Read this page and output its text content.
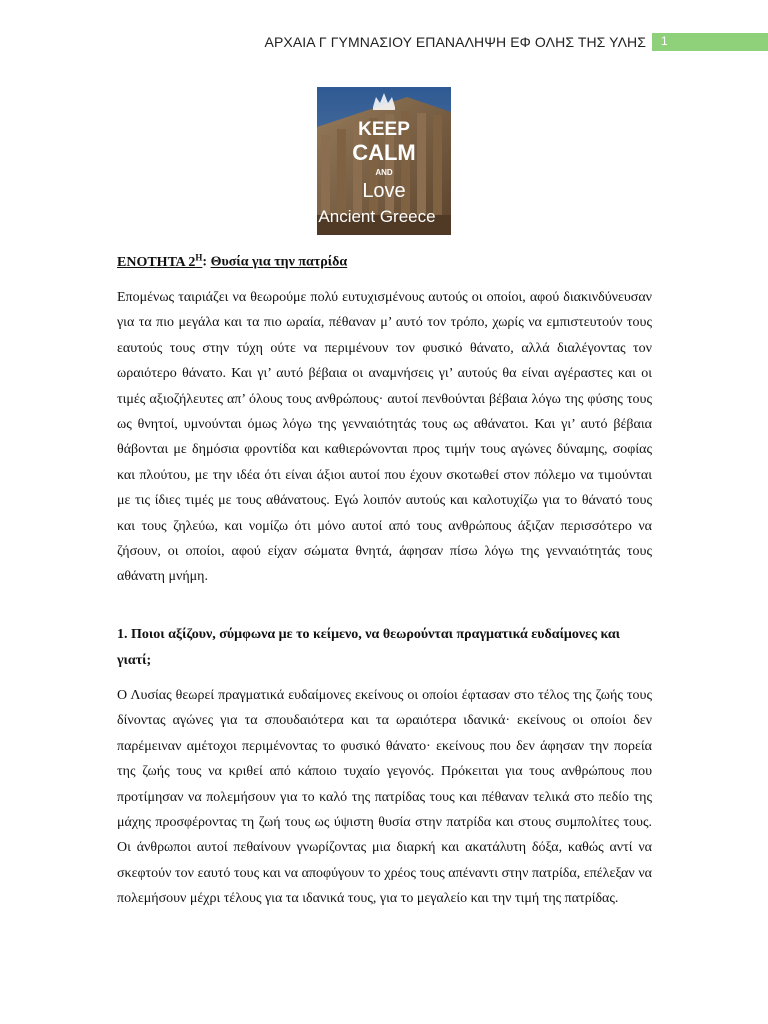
ΑΡΧΑΙΑ Γ ΓΥΜΝΑΣΙΟΥ ΕΠΑΝΑΛΗΨΗ ΕΦ ΟΛΗΣ ΤΗΣ ΥΛΗΣ 1
KEEP
CALM
AND
Love
Ancient Greece
ΕΝΟΤΗΤΑ $2^H$: Θυσία για την πατρίδα

Επομένως ταιριάζει να θεωρούμε πολύ ευτυχισμένους αυτούς οι οποίοι, αφού διακινδύνευσαν για τα πιο μεγάλα και τα πιο ωραία, πέθαναν μ’ αυτό τον τρόπο, χωρίς να εμπιστευτούν τους εαυτούς τους στην τύχη ούτε να περιμένουν τον φυσικό θάνατο, αλλά διαλέγοντας τον ωραιότερο θάνατο. Και γι’ αυτό βέβαια οι αναμνήσεις γι’ αυτούς θα είναι αγέραστες και οι τιμές αξιοζήλευτες απ’ όλους τους ανθρώπους· αυτοί πενθούνται βέβαια λόγω της φύσης τους ως θνητοί, υμνούνται όμως λόγω της γενναιότητάς τους ως αθάνατοι. Και γι’ αυτό βέβαια θάβονται με δημόσια φροντίδα και καθιερώνονται προς τιμήν τους αγώνες δύναμης, σοφίας και πλούτου, με την ιδέα ότι είναι άξιοι αυτοί που έχουν σκοτωθεί στον πόλεμο να τιμούνται με τις ίδιες τιμές με τους αθάνατους. Εγώ λοιπόν αυτούς και καλοτυχίζω για το θάνατό τους και τους ζηλεύω, και νομίζω ότι μόνο αυτοί από τους ανθρώπους άξιζαν περισσότερο να ζήσουν, οι οποίοι, αφού είχαν σώματα θνητά, άφησαν πίσω λόγω της γενναιότητάς τους αθάνατη μνήμη.

1. Ποιοι αξίζουν, σύμφωνα με το κείμενο, να θεωρούνται πραγματικά ευδαίμονες και γιατί;

Ο Λυσίας θεωρεί πραγματικά ευδαίμονες εκείνους οι οποίοι έφτασαν στο τέλος της ζωής τους δίνοντας αγώνες για τα σπουδαιότερα και τα ωραιότερα ιδανικά· εκείνους οι οποίοι δεν παρέμειναν αμέτοχοι περιμένοντας το φυσικό θάνατο· εκείνους που δεν άφησαν την πορεία της ζωής τους να κριθεί από κάποιο τυχαίο γεγονός. Πρόκειται για τους ανθρώπους που προτίμησαν να πολεμήσουν για το καλό της πατρίδας τους και πέθαναν τελικά στο πεδίο της μάχης προσφέροντας τη ζωή τους ως ύψιστη θυσία στην πατρίδα και στους συμπολίτες τους. Οι άνθρωποι αυτοί πεθαίνουν γνωρίζοντας μια διαρκή και ακατάλυτη δόξα, καθώς αντί να σκεφτούν τον εαυτό τους και να αποφύγουν το χρέος τους απέναντι στην πατρίδα, επέλεξαν να πολεμήσουν μέχρι τέλους για τα ιδανικά τους, για το μεγαλείο και την τιμή της πατρίδας.
